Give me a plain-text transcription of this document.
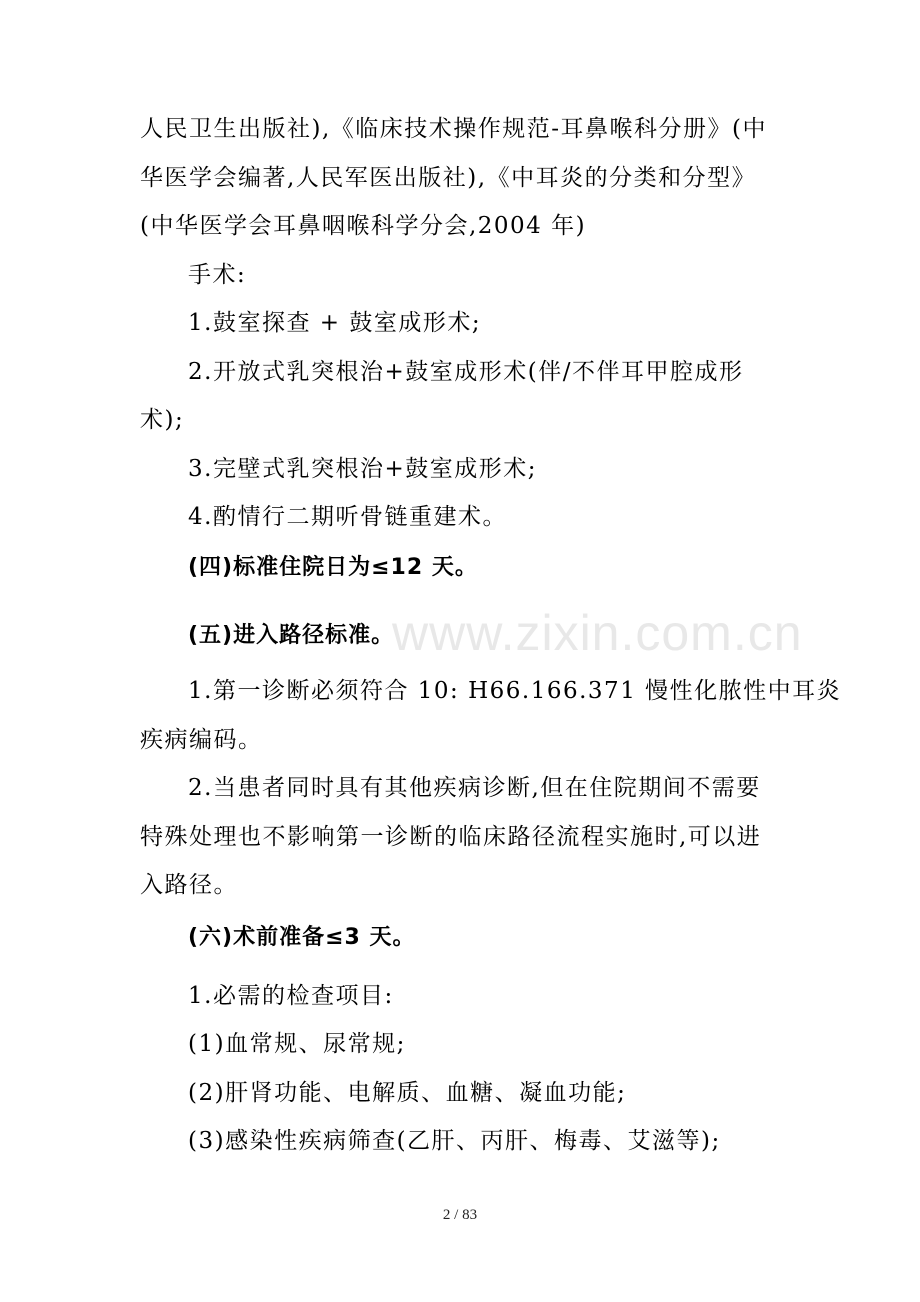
www.zixin.com.cn
人民卫生出版社),《临床技术操作规范-耳鼻喉科分册》(中
华医学会编著,人民军医出版社),《中耳炎的分类和分型》
(中华医学会耳鼻咽喉科学分会,2004 年)
手术:
1.鼓室探查 + 鼓室成形术;
2.开放式乳突根治+鼓室成形术(伴/不伴耳甲腔成形
术);
3.完壁式乳突根治+鼓室成形术;
4.酌情行二期听骨链重建术。
(四)标准住院日为≤12 天。
(五)进入路径标准。
1.第一诊断必须符合 10: H66.166.371 慢性化脓性中耳炎
疾病编码。
2.当患者同时具有其他疾病诊断,但在住院期间不需要
特殊处理也不影响第一诊断的临床路径流程实施时,可以进
入路径。
(六)术前准备≤3 天。
1.必需的检查项目:
(1)血常规、尿常规;
(2)肝肾功能、电解质、血糖、凝血功能;
(3)感染性疾病筛查(乙肝、丙肝、梅毒、艾滋等);
2 / 83
